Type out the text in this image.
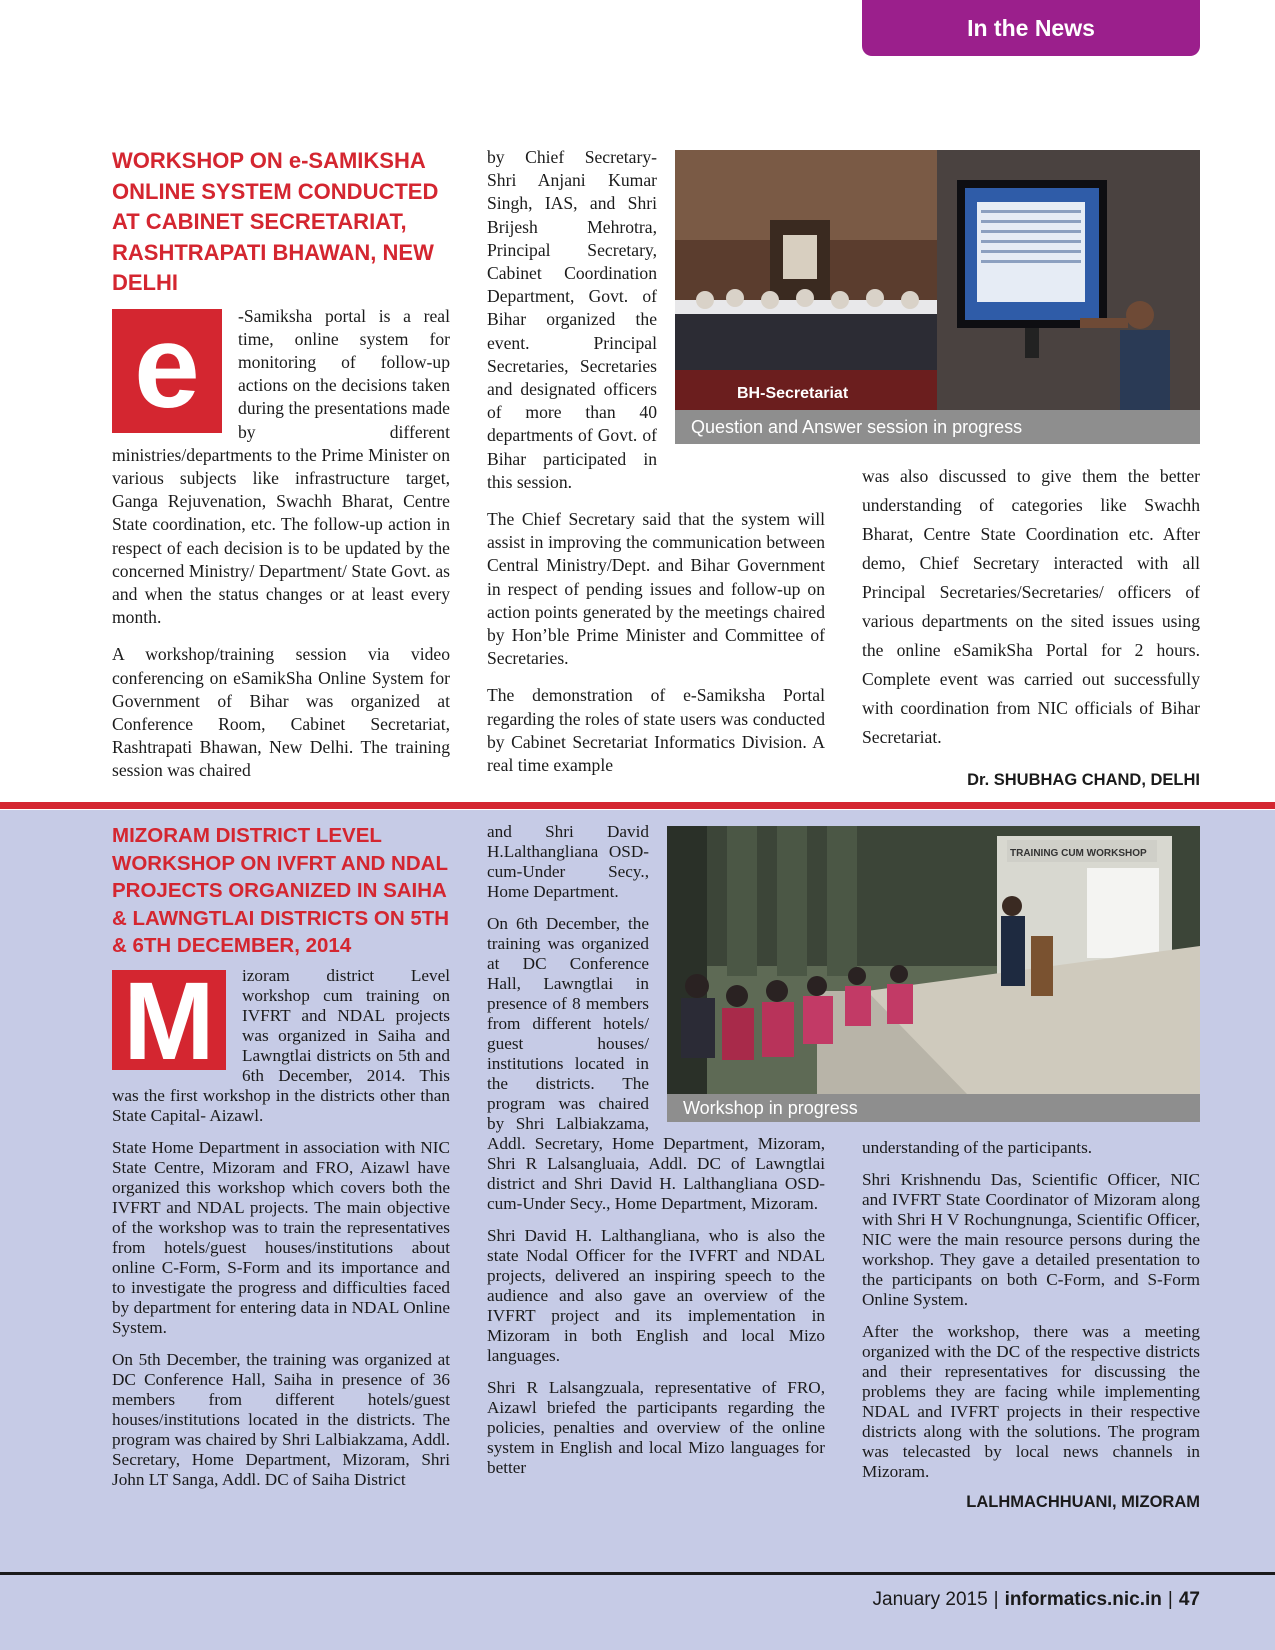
In the News
WORKSHOP ON e-SAMIKSHA ONLINE SYSTEM CONDUCTED AT CABINET SECRETARIAT, RASHTRAPATI BHAWAN, NEW DELHI
e	-Samiksha portal is a real time, online system for monitoring of follow-up actions on the decisions taken during the presentations made by different ministries/departments to the Prime Minister on various subjects like infrastructure target, Ganga Rejuvenation, Swachh Bharat, Centre State coordination, etc. The follow-up action in respect of each decision is to be updated by the concerned Ministry/ Department/ State Govt. as and when the status changes or at least every month.

A workshop/training session via video conferencing on eSamikSha Online System for Government of Bihar was organized at Conference Room, Cabinet Secretariat, Rashtrapati Bhawan, New Delhi. The training session was chaired

by Chief Secretary- Shri Anjani Kumar Singh, IAS, and Shri Brijesh Mehrotra, Principal Secretary, Cabinet Coordination Department, Govt. of Bihar organized the event. Principal Secretaries, Secretaries and designated officers of more than 40 departments of Govt. of Bihar participated in this session.

The Chief Secretary said that the system will assist in improving the communication between Central Ministry/Dept. and Bihar Government in respect of pending issues and follow-up on action points generated by the meetings chaired by Hon’ble Prime Minister and Committee of Secretaries.

The demonstration of e-Samiksha Portal regarding the roles of state users was conducted by Cabinet Secretariat Informatics Division. A real time example

BH-Secretariat
Question and Answer session in progress

was also discussed to give them the better understanding of categories like Swachh Bharat, Centre State Coordination etc. After demo, Chief Secretary interacted with all Principal Secretaries/Secretaries/ officers of various departments on the sited issues using the online eSamikSha Portal for 2 hours. Complete event was carried out successfully with coordination from NIC officials of Bihar Secretariat.

Dr. SHUBHAG CHAND, DELHI
MIZORAM DISTRICT LEVEL WORKSHOP ON IVFRT AND NDAL PROJECTS ORGANIZED IN SAIHA & LAWNGTLAI DISTRICTS ON 5TH & 6TH DECEMBER, 2014
M	izoram district Level workshop cum training on IVFRT and NDAL projects was organized in Saiha and Lawngtlai districts on 5th and 6th December, 2014. This was the first workshop in the districts other than State Capital- Aizawl.

State Home Department in association with NIC State Centre, Mizoram and FRO, Aizawl have organized this workshop which covers both the IVFRT and NDAL projects. The main objective of the workshop was to train the representatives from hotels/guest houses/institutions about online C-Form, S-Form and its importance and to investigate the progress and difficulties faced by department for entering data in NDAL Online System.

On 5th December, the training was organized at DC Conference Hall, Saiha in presence of 36 members from different hotels/guest houses/institutions located in the districts. The program was chaired by Shri Lalbiakzama, Addl. Secretary, Home Department, Mizoram, Shri John LT Sanga, Addl. DC of Saiha District

and Shri David H.Lalthangliana OSD-cum-Under Secy., Home Department.

On 6th December, the training was organized at DC Conference Hall, Lawngtlai in presence of 8 members from different hotels/ guest houses/ institutions located in the districts. The program was chaired by Shri Lalbiakzama, Addl. Secretary, Home Department, Mizoram, Shri R Lalsangluaia, Addl. DC of Lawngtlai district and Shri David H. Lalthangliana OSD-cum-Under Secy., Home Department, Mizoram.

Shri David H. Lalthangliana, who is also the state Nodal Officer for the IVFRT and NDAL projects, delivered an inspiring speech to the audience and also gave an overview of the IVFRT project and its implementation in Mizoram in both English and local Mizo languages.

Shri R Lalsangzuala, representative of FRO, Aizawl briefed the participants regarding the policies, penalties and overview of the online system in English and local Mizo languages for better

TRAINING CUM WORKSHOP
Workshop in progress

understanding of the participants.

Shri Krishnendu Das, Scientific Officer, NIC and IVFRT State Coordinator of Mizoram along with Shri H V Rochungnunga, Scientific Officer, NIC were the main resource persons during the workshop. They gave a detailed presentation to the participants on both C-Form, and S-Form Online System.

After the workshop, there was a meeting organized with the DC of the respective districts and their representatives for discussing the problems they are facing while implementing NDAL and IVFRT projects in their respective districts along with the solutions. The program was telecasted by local news channels in Mizoram.

LALHMACHHUANI, MIZORAM
January 2015 | informatics.nic.in | 47
